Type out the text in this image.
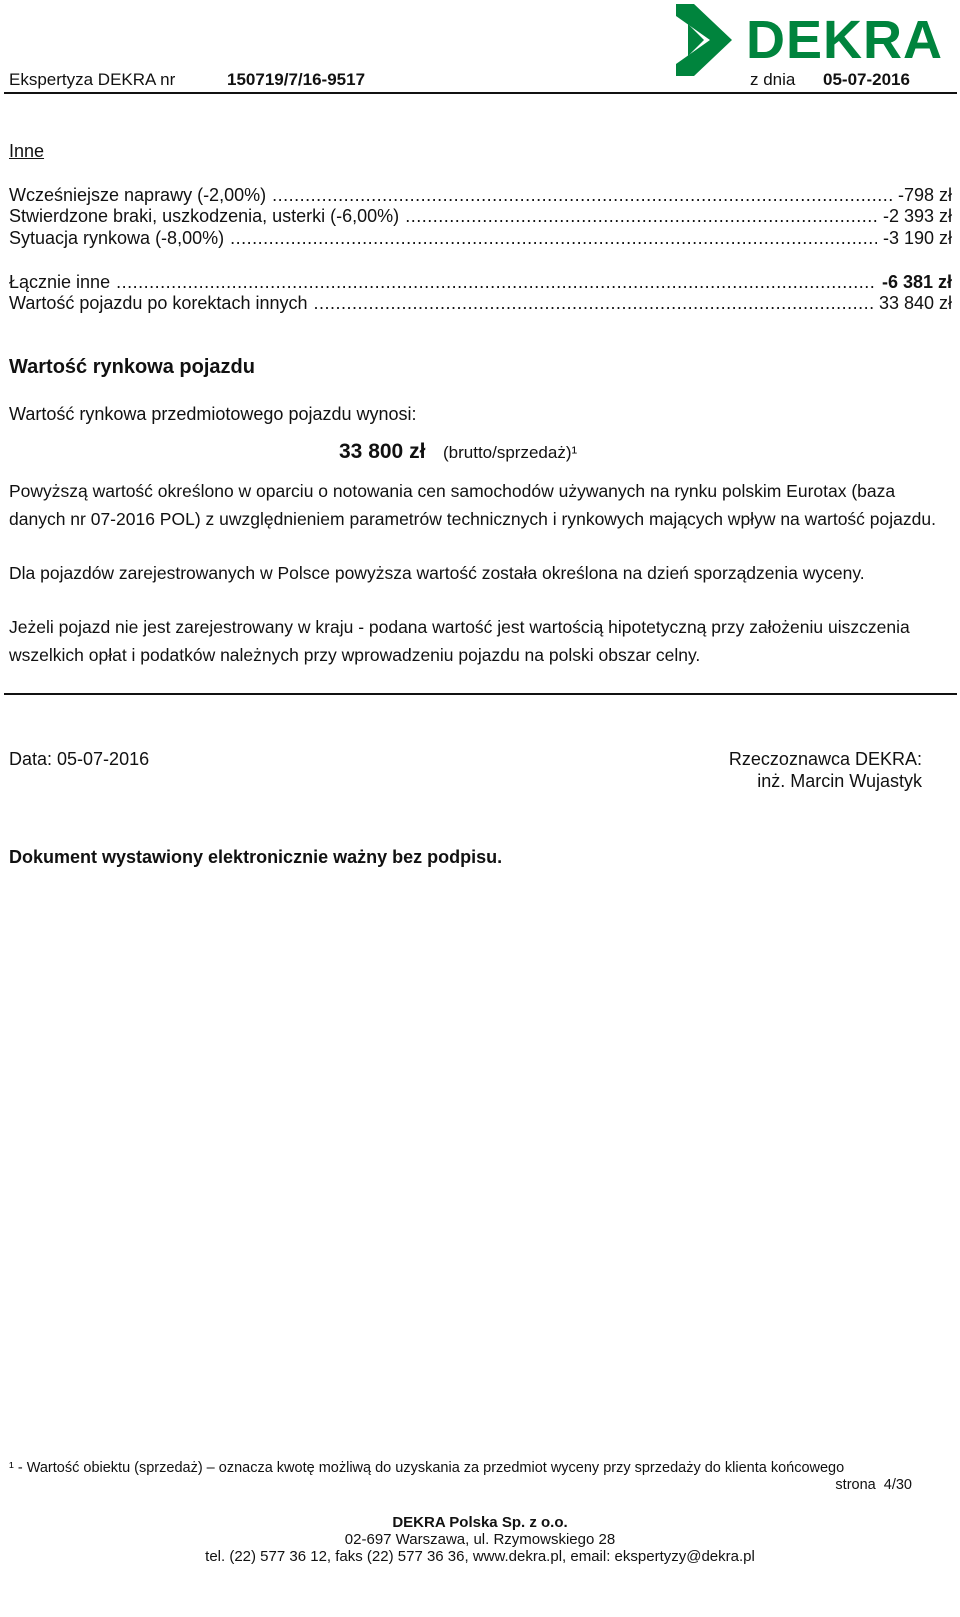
DEKRA
Ekspertyza DEKRA nr	150719/7/16-9517	z dnia 05-07-2016
Inne
Wcześniejsze naprawy (-2,00%) .....	-798 zł
Stwierdzone braki, uszkodzenia, usterki (-6,00%) .....	-2 393 zł
Sytuacja rynkowa (-8,00%) .....	-3 190 zł
Łącznie inne .....	-6 381 zł
Wartość pojazdu po korektach innych .....	33 840 zł
Wartość rynkowa pojazdu
Wartość rynkowa przedmiotowego pojazdu wynosi:
33 800 zł (brutto/sprzedaż)¹
Powyższą wartość określono w oparciu o notowania cen samochodów używanych na rynku polskim Eurotax (baza danych nr 07-2016 POL) z uwzględnieniem parametrów technicznych i rynkowych mających wpływ na wartość pojazdu.
Dla pojazdów zarejestrowanych w Polsce powyższa wartość została określona na dzień sporządzenia wyceny.
Jeżeli pojazd nie jest zarejestrowany w kraju - podana wartość jest wartością hipotetyczną przy założeniu uiszczenia wszelkich opłat i podatków należnych przy wprowadzeniu pojazdu na polski obszar celny.
Data: 05-07-2016	Rzeczoznawca DEKRA:
inż. Marcin Wujastyk
Dokument wystawiony elektronicznie ważny bez podpisu.
¹ - Wartość obiektu (sprzedaż) – oznacza kwotę możliwą do uzyskania za przedmiot wyceny przy sprzedaży do klienta końcowego
strona  4/30
DEKRA Polska Sp. z o.o.
02-697 Warszawa, ul. Rzymowskiego 28
tel. (22) 577 36 12, faks (22) 577 36 36, www.dekra.pl, email: ekspertyzy@dekra.pl
